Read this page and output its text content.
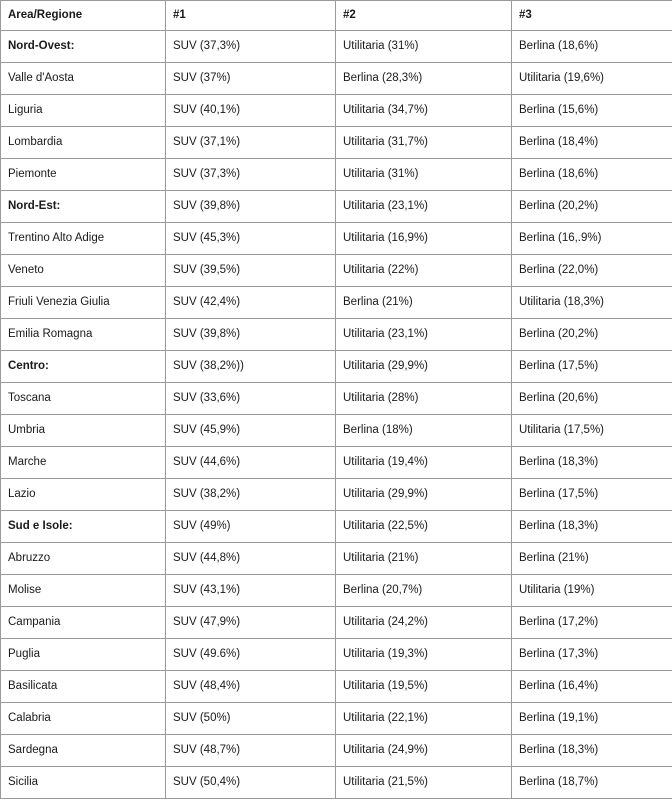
Area/Regione	#1	#2	#3
Nord-Ovest:	SUV (37,3%)	Utilitaria (31%)	Berlina (18,6%)
Valle d'Aosta	SUV (37%)	Berlina (28,3%)	Utilitaria (19,6%)
Liguria	SUV (40,1%)	Utilitaria (34,7%)	Berlina (15,6%)
Lombardia	SUV (37,1%)	Utilitaria (31,7%)	Berlina (18,4%)
Piemonte	SUV (37,3%)	Utilitaria (31%)	Berlina (18,6%)
Nord-Est:	SUV (39,8%)	Utilitaria (23,1%)	Berlina (20,2%)
Trentino Alto Adige	SUV (45,3%)	Utilitaria (16,9%)	Berlina (16,.9%)
Veneto	SUV (39,5%)	Utilitaria (22%)	Berlina (22,0%)
Friuli Venezia Giulia	SUV (42,4%)	Berlina (21%)	Utilitaria (18,3%)
Emilia Romagna	SUV (39,8%)	Utilitaria (23,1%)	Berlina (20,2%)
Centro:	SUV (38,2%))	Utilitaria (29,9%)	Berlina (17,5%)
Toscana	SUV (33,6%)	Utilitaria (28%)	Berlina (20,6%)
Umbria	SUV (45,9%)	Berlina (18%)	Utilitaria (17,5%)
Marche	SUV (44,6%)	Utilitaria (19,4%)	Berlina (18,3%)
Lazio	SUV (38,2%)	Utilitaria (29,9%)	Berlina (17,5%)
Sud e Isole:	SUV (49%)	Utilitaria (22,5%)	Berlina (18,3%)
Abruzzo	SUV (44,8%)	Utilitaria (21%)	Berlina (21%)
Molise	SUV (43,1%)	Berlina (20,7%)	Utilitaria (19%)
Campania	SUV (47,9%)	Utilitaria (24,2%)	Berlina (17,2%)
Puglia	SUV (49.6%)	Utilitaria (19,3%)	Berlina (17,3%)
Basilicata	SUV (48,4%)	Utilitaria (19,5%)	Berlina (16,4%)
Calabria	SUV (50%)	Utilitaria (22,1%)	Berlina (19,1%)
Sardegna	SUV (48,7%)	Utilitaria (24,9%)	Berlina (18,3%)
Sicilia	SUV (50,4%)	Utilitaria (21,5%)	Berlina (18,7%)
